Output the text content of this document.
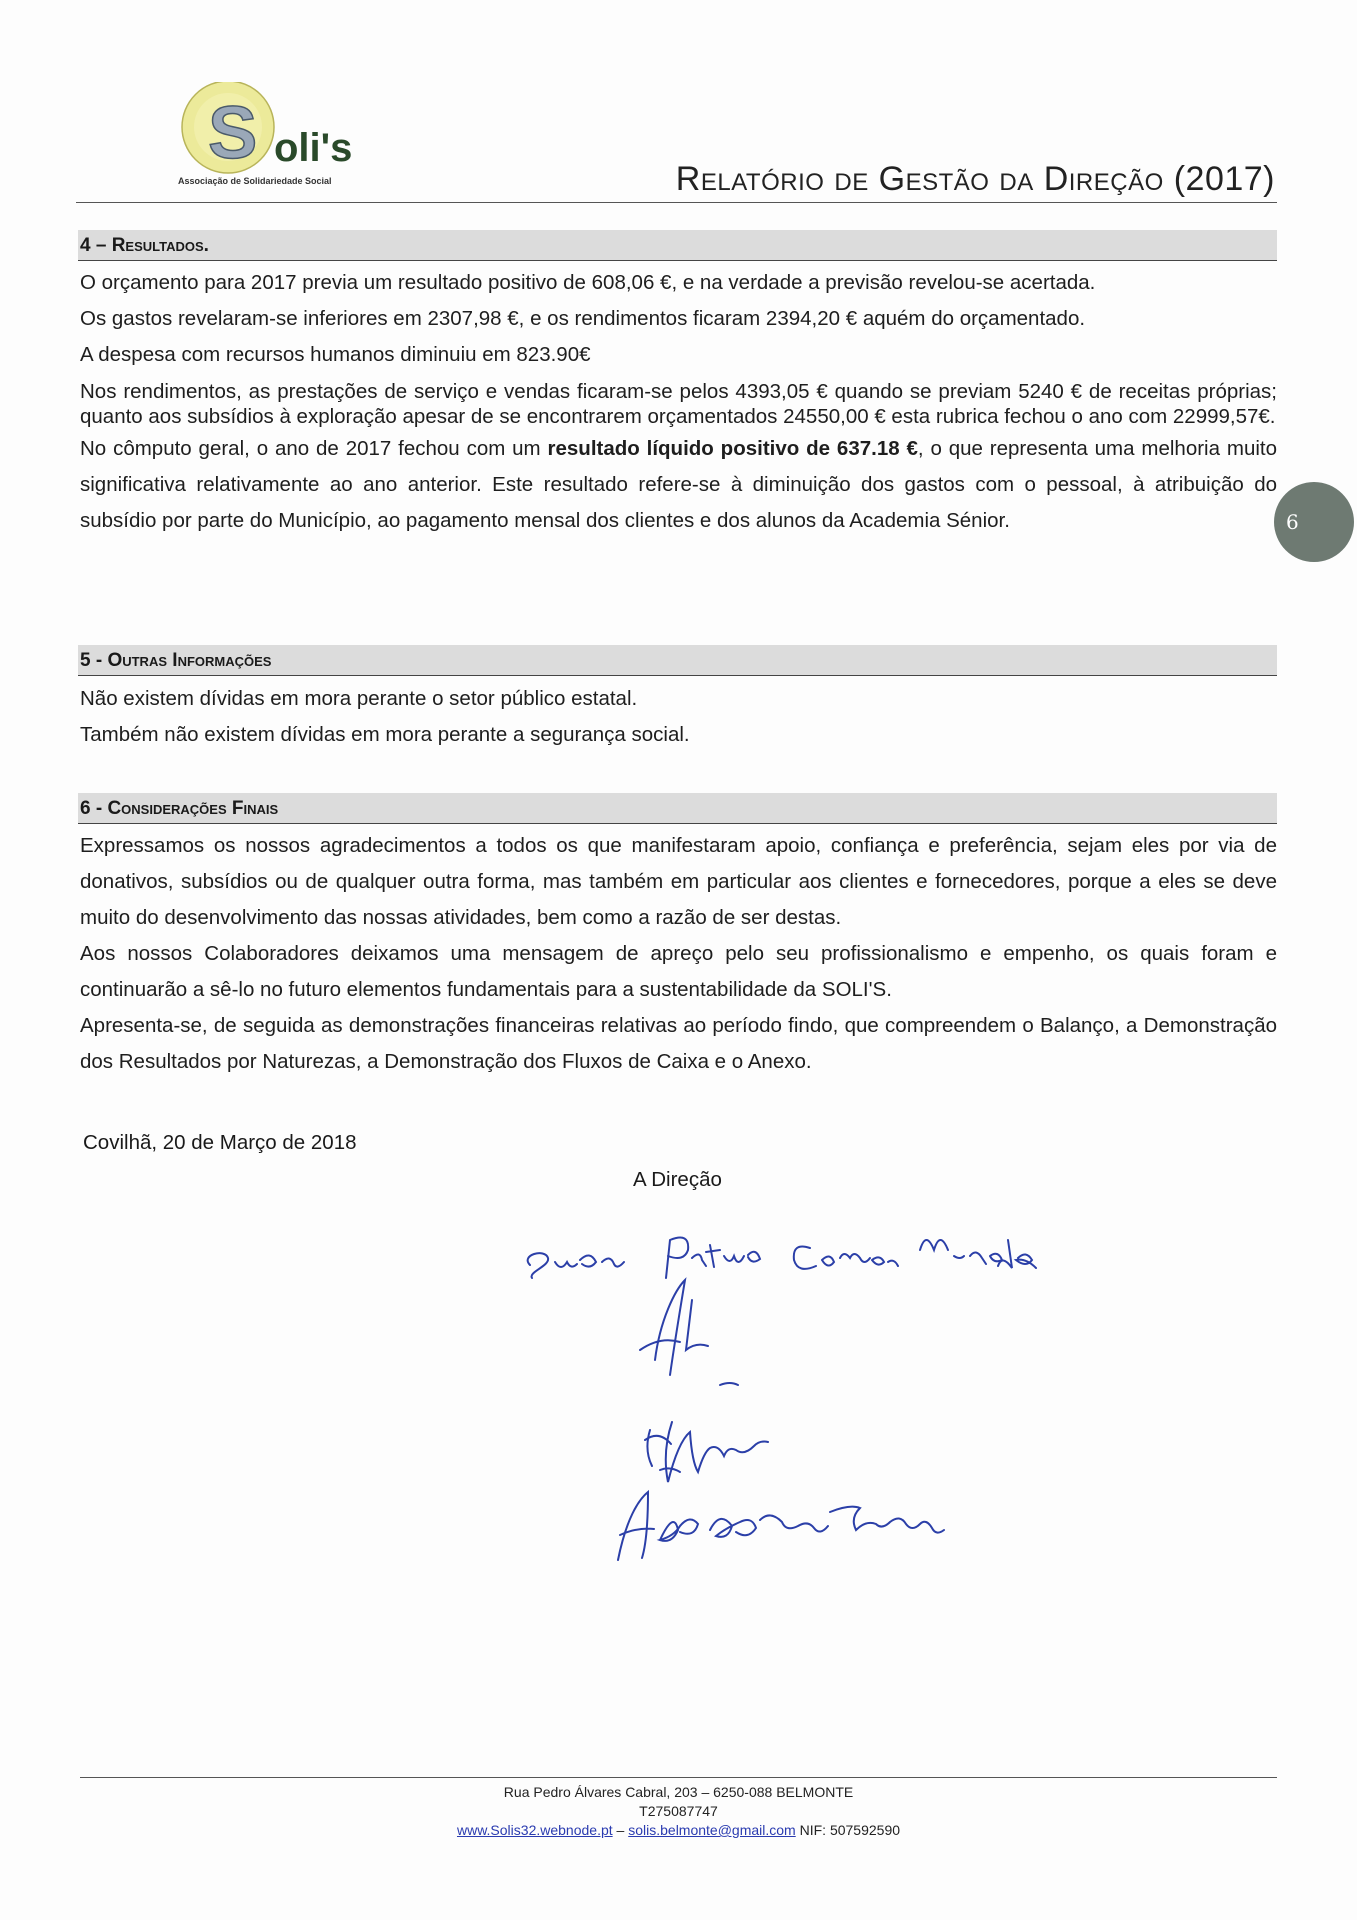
S oli's
Associação de Solidariedade Social	Relatório de Gestão da Direção (2017)
4 – Resultados.

O orçamento para 2017 previa um resultado positivo de 608,06 €, e na verdade a previsão revelou-se acertada.

Os gastos revelaram-se inferiores em 2307,98 €, e os rendimentos ficaram 2394,20 € aquém do orçamentado.

A despesa com recursos humanos diminuiu em 823.90€

Nos rendimentos, as prestações de serviço e vendas ficaram-se pelos 4393,05 € quando se previam 5240 € de receitas próprias; quanto aos subsídios à exploração apesar de se encontrarem orçamentados 24550,00 € esta rubrica fechou o ano com 22999,57€.

No cômputo geral, o ano de 2017 fechou com um resultado líquido positivo de 637.18 €, o que representa uma melhoria muito significativa relativamente ao ano anterior. Este resultado refere-se à diminuição dos gastos com o pessoal, à atribuição do subsídio por parte do Município, ao pagamento mensal dos clientes e dos alunos da Academia Sénior.	6
5 - Outras Informações

Não existem dívidas em mora perante o setor público estatal.

Também não existem dívidas em mora perante a segurança social.

6 - Considerações Finais

Expressamos os nossos agradecimentos a todos os que manifestaram apoio, confiança e preferência, sejam eles por via de donativos, subsídios ou de qualquer outra forma, mas também em particular aos clientes e fornecedores, porque a eles se deve muito do desenvolvimento das nossas atividades, bem como a razão de ser destas.

Aos nossos Colaboradores deixamos uma mensagem de apreço pelo seu profissionalismo e empenho, os quais foram e continuarão a sê-lo no futuro elementos fundamentais para a sustentabilidade da SOLI'S.

Apresenta-se, de seguida as demonstrações financeiras relativas ao período findo, que compreendem o Balanço, a Demonstração dos Resultados por Naturezas, a Demonstração dos Fluxos de Caixa e o Anexo.

Covilhã, 20 de Março de 2018
A Direção
Rua Pedro Álvares Cabral, 203 – 6250-088 BELMONTE
T275087747
www.Solis32.webnode.pt – solis.belmonte@gmail.com NIF: 507592590
